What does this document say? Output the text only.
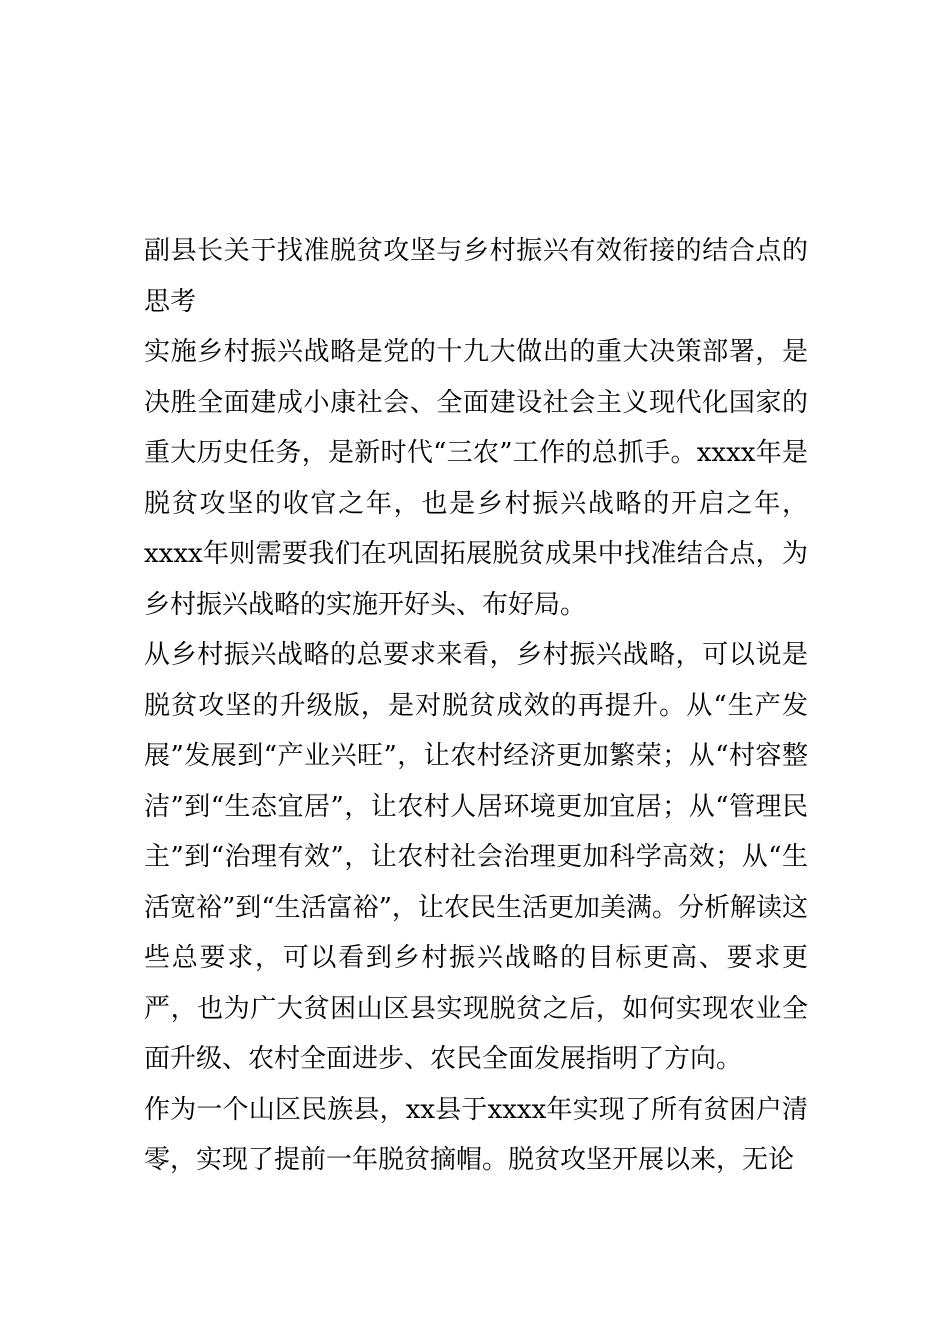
副县长关于找准脱贫攻坚与乡村振兴有效衔接的结合点的思考

实施乡村振兴战略是党的十九大做出的重大决策部署，是决胜全面建成小康社会、全面建设社会主义现代化国家的重大历史任务，是新时代“三农”工作的总抓手。xxxx年是脱贫攻坚的收官之年，也是乡村振兴战略的开启之年，xxxx年则需要我们在巩固拓展脱贫成果中找准结合点，为乡村振兴战略的实施开好头、布好局。

从乡村振兴战略的总要求来看，乡村振兴战略，可以说是脱贫攻坚的升级版，是对脱贫成效的再提升。从“生产发展”发展到“产业兴旺”，让农村经济更加繁荣；从“村容整洁”到“生态宜居”，让农村人居环境更加宜居；从“管理民主”到“治理有效”，让农村社会治理更加科学高效；从“生活宽裕”到“生活富裕”，让农民生活更加美满。分析解读这些总要求，可以看到乡村振兴战略的目标更高、要求更严，也为广大贫困山区县实现脱贫之后，如何实现农业全面升级、农村全面进步、农民全面发展指明了方向。

作为一个山区民族县，xx县于xxxx年实现了所有贫困户清零，实现了提前一年脱贫摘帽。脱贫攻坚开展以来，无论
